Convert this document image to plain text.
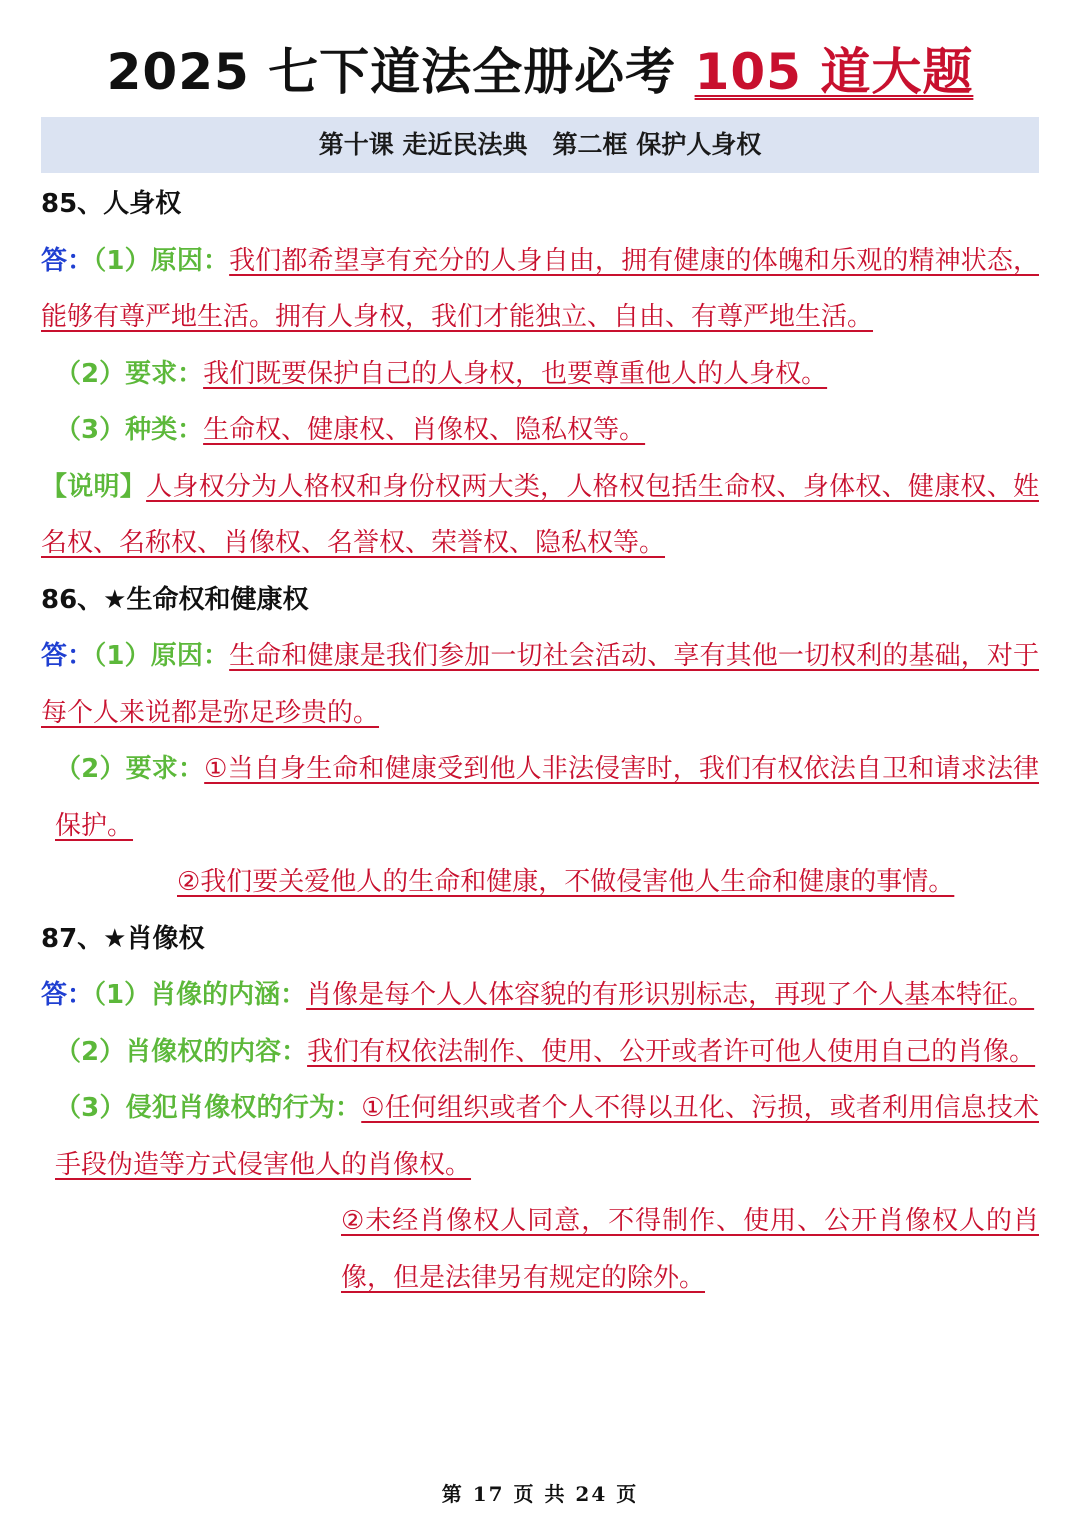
2025 七下道法全册必考 105 道大题
第十课 走近民法典　第二框 保护人身权
85、人身权
答：（1）原因：我们都希望享有充分的人身自由，拥有健康的体魄和乐观的精神状态，能够有尊严地生活。拥有人身权，我们才能独立、自由、有尊严地生活。
（2）要求：我们既要保护自己的人身权，也要尊重他人的人身权。
（3）种类：生命权、健康权、肖像权、隐私权等。
【说明】人身权分为人格权和身份权两大类，人格权包括生命权、身体权、健康权、姓名权、名称权、肖像权、名誉权、荣誉权、隐私权等。
86、★生命权和健康权
答：（1）原因：生命和健康是我们参加一切社会活动、享有其他一切权利的基础，对于每个人来说都是弥足珍贵的。
（2）要求：①当自身生命和健康受到他人非法侵害时，我们有权依法自卫和请求法律保护。
②我们要关爱他人的生命和健康，不做侵害他人生命和健康的事情。
87、★肖像权
答：（1）肖像的内涵：肖像是每个人人体容貌的有形识别标志，再现了个人基本特征。
（2）肖像权的内容：我们有权依法制作、使用、公开或者许可他人使用自己的肖像。
（3）侵犯肖像权的行为：①任何组织或者个人不得以丑化、污损，或者利用信息技术手段伪造等方式侵害他人的肖像权。
②未经肖像权人同意，不得制作、使用、公开肖像权人的肖像，但是法律另有规定的除外。
第 17 页 共 24 页
